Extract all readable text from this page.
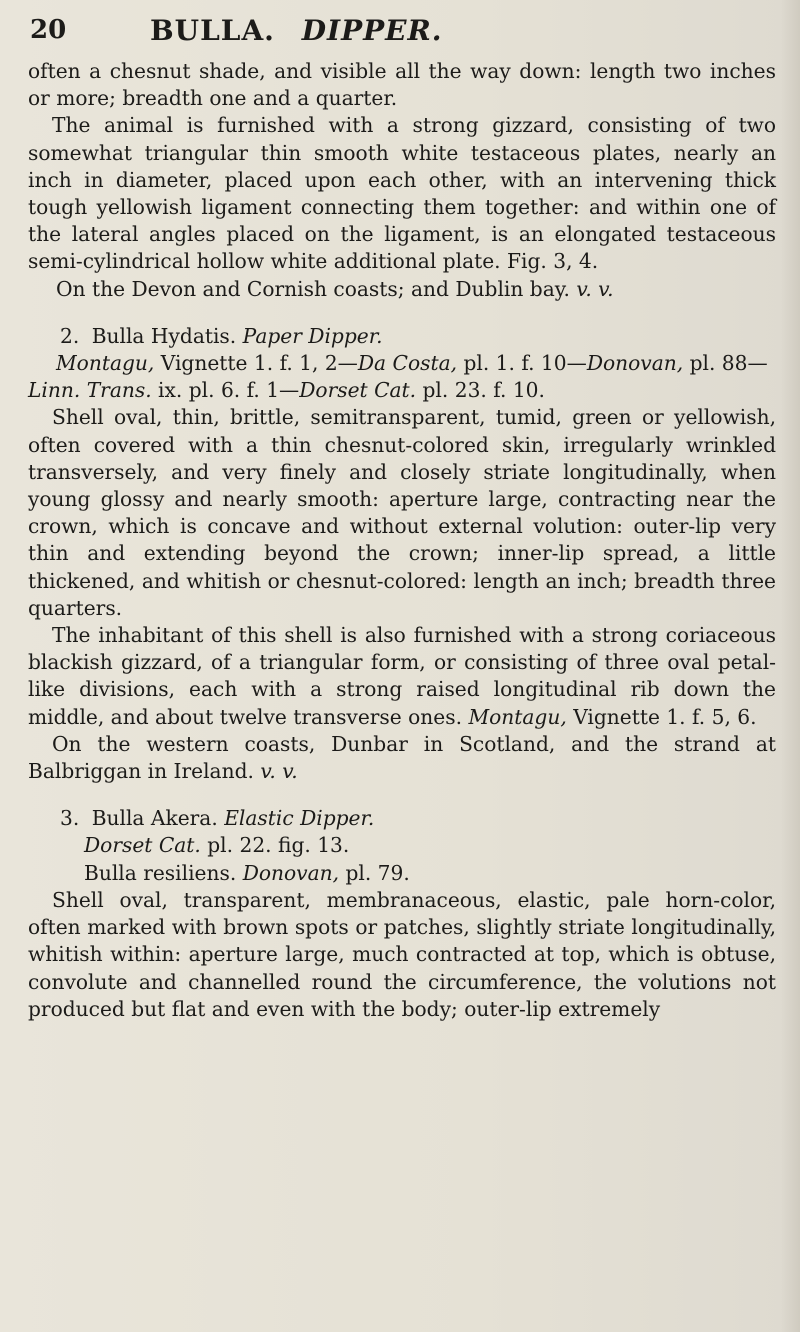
20	BULLA. DIPPER.

often a chesnut shade, and visible all the way down: length two inches or more; breadth one and a quarter.

The animal is furnished with a strong gizzard, consisting of two somewhat triangular thin smooth white testaceous plates, nearly an inch in diameter, placed upon each other, with an intervening thick tough yellowish ligament connecting them together: and within one of the lateral angles placed on the ligament, is an elongated testaceous semi-cylindrical hollow white additional plate. Fig. 3, 4.

On the Devon and Cornish coasts; and Dublin bay. v. v.

2. Bulla Hydatis. Paper Dipper.

Montagu, Vignette 1. f. 1, 2—Da Costa, pl. 1. f. 10—Donovan, pl. 88—Linn. Trans. ix. pl. 6. f. 1—Dorset Cat. pl. 23. f. 10.

Shell oval, thin, brittle, semitransparent, tumid, green or yellowish, often covered with a thin chesnut-colored skin, irregularly wrinkled transversely, and very finely and closely striate longitudinally, when young glossy and nearly smooth: aperture large, contracting near the crown, which is concave and without external volution: outer-lip very thin and extending beyond the crown; inner-lip spread, a little thickened, and whitish or chesnut-colored: length an inch; breadth three quarters.

The inhabitant of this shell is also furnished with a strong coriaceous blackish gizzard, of a triangular form, or consisting of three oval petal-like divisions, each with a strong raised longitudinal rib down the middle, and about twelve transverse ones. Montagu, Vignette 1. f. 5, 6.

On the western coasts, Dunbar in Scotland, and the strand at Balbriggan in Ireland. v. v.

3. Bulla Akera. Elastic Dipper.

Dorset Cat. pl. 22. fig. 13.

Bulla resiliens. Donovan, pl. 79.

Shell oval, transparent, membranaceous, elastic, pale horn-color, often marked with brown spots or patches, slightly striate longitudinally, whitish within: aperture large, much contracted at top, which is obtuse, convolute and channelled round the circumference, the volutions not produced but flat and even with the body; outer-lip extremely
